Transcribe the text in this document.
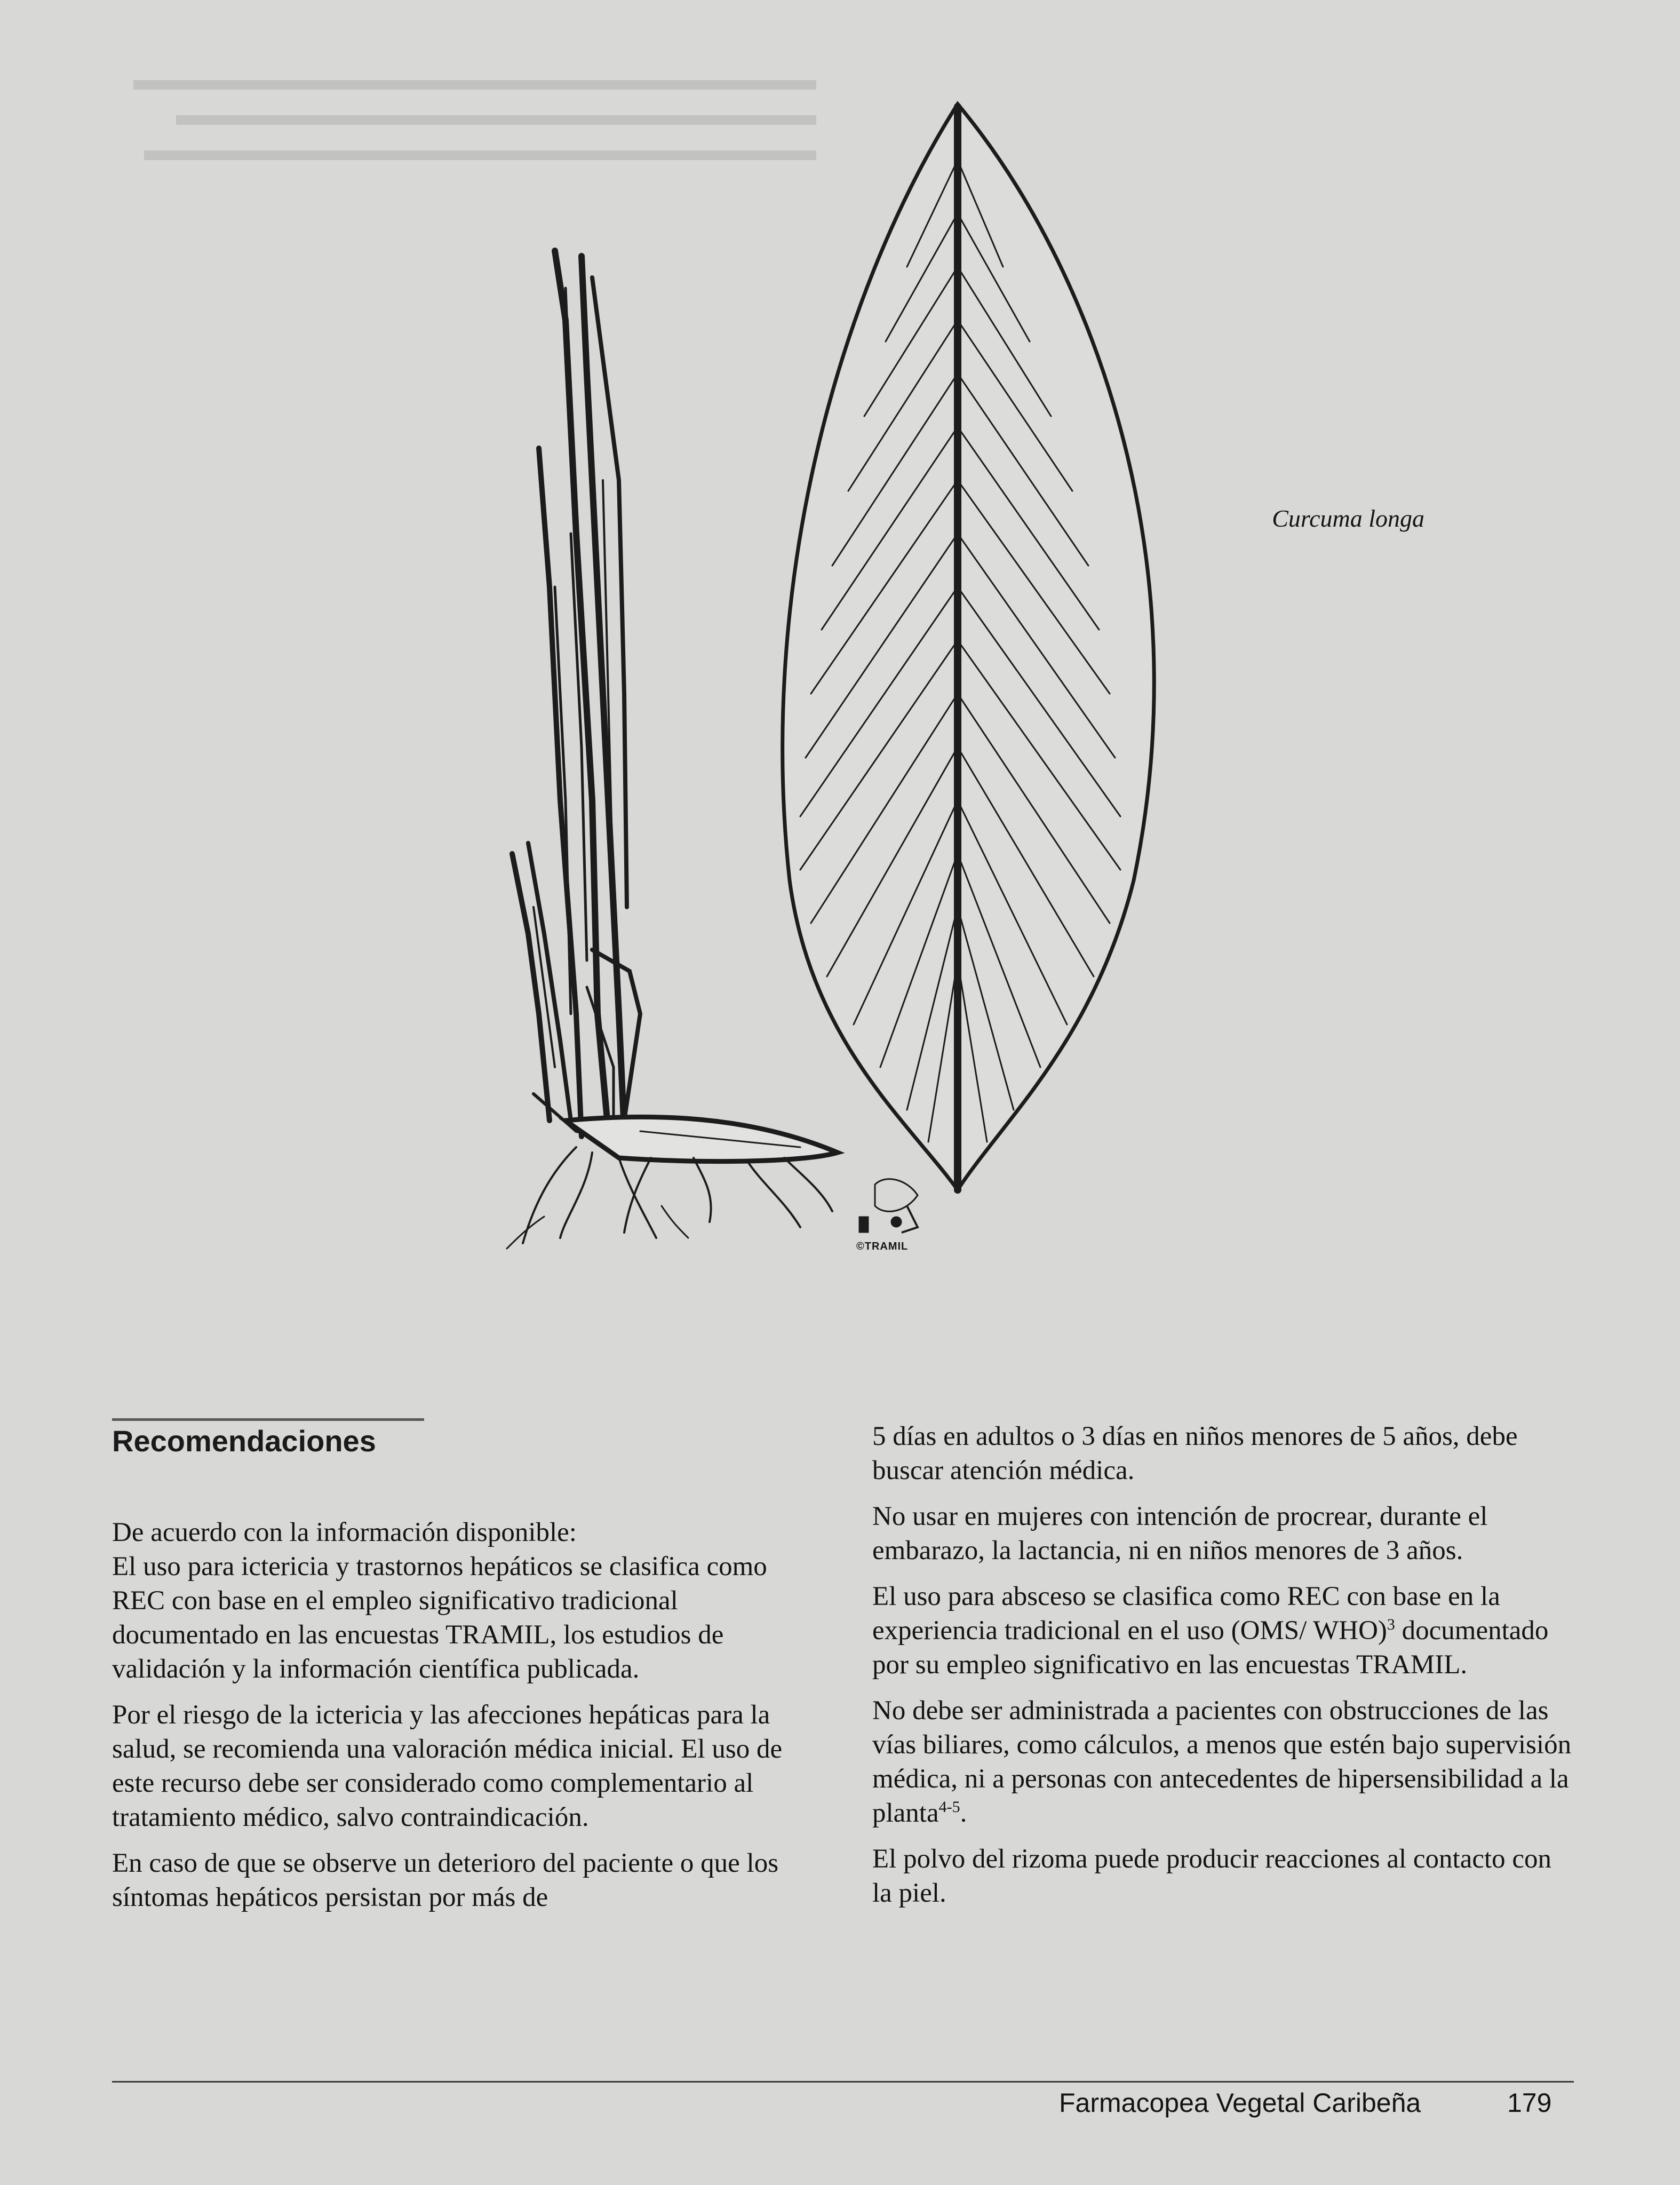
Curcuma longa
©TRAMIL
Recomendaciones

De acuerdo con la información disponible:

El uso para ictericia y trastornos hepáticos se clasifica como REC con base en el empleo significativo tradicional documentado en las encuestas TRAMIL, los estudios de validación y la información científica publicada.

Por el riesgo de la ictericia y las afecciones hepáticas para la salud, se recomienda una valoración médica inicial. El uso de este recurso debe ser considerado como complementario al tratamiento médico, salvo contraindicación.

En caso de que se observe un deterioro del paciente o que los síntomas hepáticos persistan por más de

5 días en adultos o 3 días en niños menores de 5 años, debe buscar atención médica.

No usar en mujeres con intención de procrear, durante el embarazo, la lactancia, ni en niños menores de 3 años.

El uso para absceso se clasifica como REC con base en la experiencia tradicional en el uso (OMS/ WHO)$^3$ documentado por su empleo significativo en las encuestas TRAMIL.

No debe ser administrada a pacientes con obstrucciones de las vías biliares, como cálculos, a menos que estén bajo supervisión médica, ni a personas con antecedentes de hipersensibilidad a la planta$^{4-5}$.

El polvo del rizoma puede producir reacciones al contacto con la piel.

Farmacopea Vegetal Caribeña	179
